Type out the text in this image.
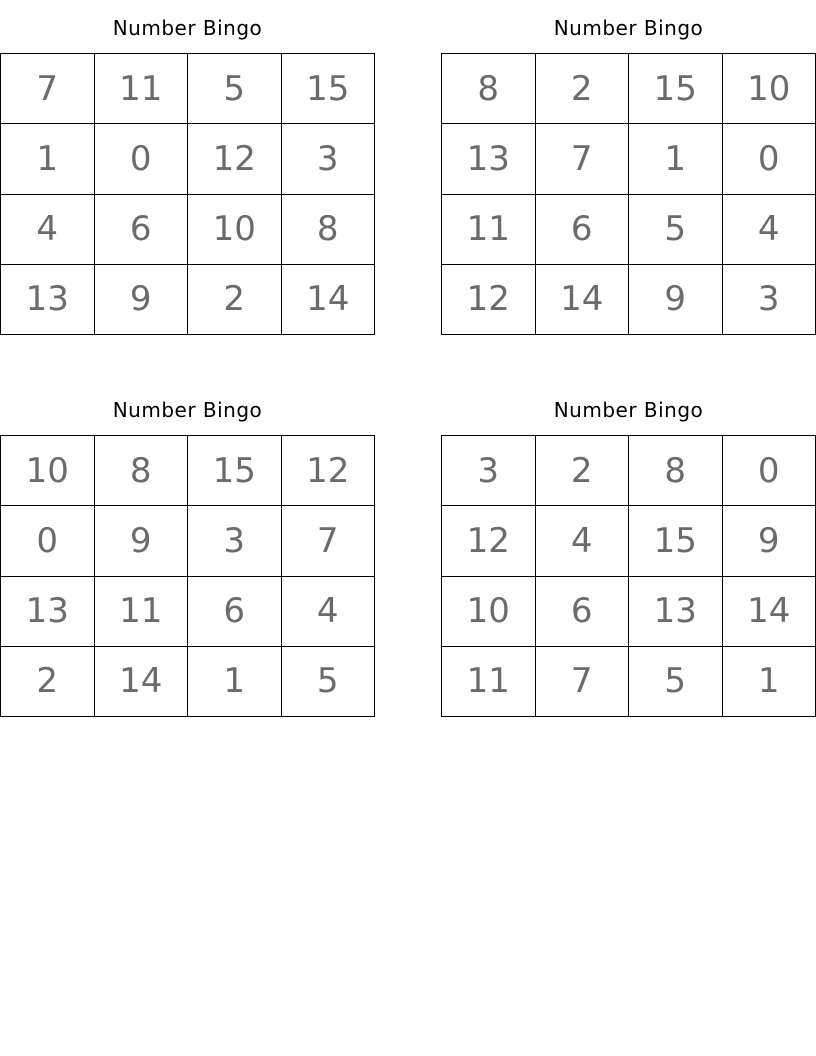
Number Bingo
7	11	5	15
1	0	12	3
4	6	10	8
13	9	2	14
Number Bingo
8	2	15	10
13	7	1	0
11	6	5	4
12	14	9	3
Number Bingo
10	8	15	12
0	9	3	7
13	11	6	4
2	14	1	5
Number Bingo
3	2	8	0
12	4	15	9
10	6	13	14
11	7	5	1
